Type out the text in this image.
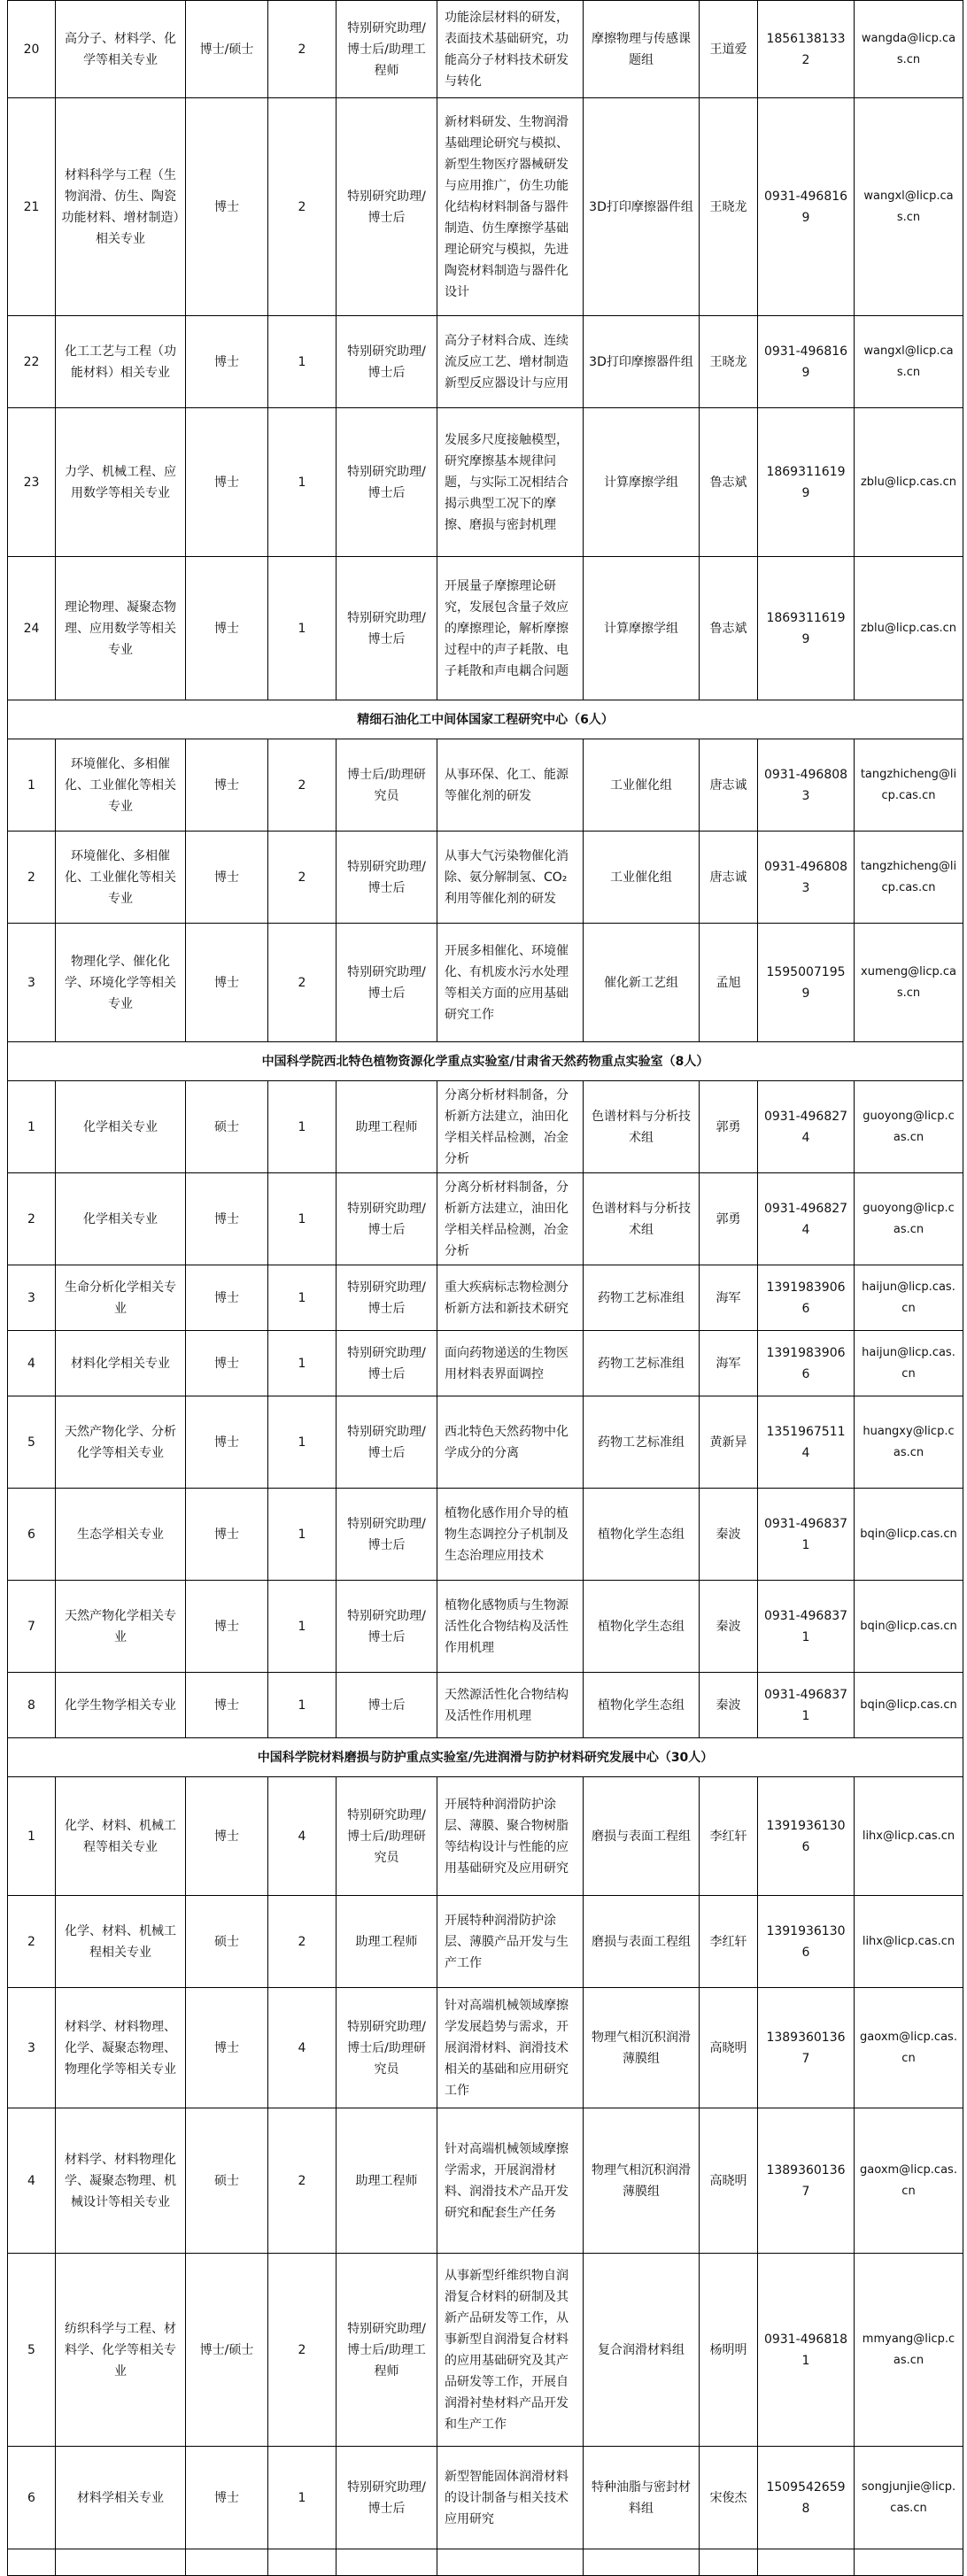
20	高分子、材料学、化学等相关专业	博士/硕士	2	特别研究助理/博士后/助理工程师	功能涂层材料的研发，表面技术基础研究，功能高分子材料技术研发与转化	摩擦物理与传感课题组	王道爱	18561381332	wangda@licp.cas.cn
21	材料科学与工程（生物润滑、仿生、陶瓷功能材料、增材制造）相关专业	博士	2	特别研究助理/博士后	新材料研发、生物润滑基础理论研究与模拟、新型生物医疗器械研发与应用推广，仿生功能化结构材料制备与器件制造、仿生摩擦学基础理论研究与模拟，先进陶瓷材料制造与器件化设计	3D打印摩擦器件组	王晓龙	0931-4968169	wangxl@licp.cas.cn
22	化工工艺与工程（功能材料）相关专业	博士	1	特别研究助理/博士后	高分子材料合成、连续流反应工艺、增材制造新型反应器设计与应用	3D打印摩擦器件组	王晓龙	0931-4968169	wangxl@licp.cas.cn
23	力学、机械工程、应用数学等相关专业	博士	1	特别研究助理/博士后	发展多尺度接触模型，研究摩擦基本规律问题，与实际工况相结合揭示典型工况下的摩擦、磨损与密封机理	计算摩擦学组	鲁志斌	18693116199	zblu@licp.cas.cn
24	理论物理、凝聚态物理、应用数学等相关专业	博士	1	特别研究助理/博士后	开展量子摩擦理论研究，发展包含量子效应的摩擦理论，解析摩擦过程中的声子耗散、电子耗散和声电耦合问题	计算摩擦学组	鲁志斌	18693116199	zblu@licp.cas.cn
精细石油化工中间体国家工程研究中心（6人）									
1	环境催化、多相催化、工业催化等相关专业	博士	2	博士后/助理研究员	从事环保、化工、能源等催化剂的研发	工业催化组	唐志诚	0931-4968083	tangzhicheng@licp.cas.cn
2	环境催化、多相催化、工业催化等相关专业	博士	2	特别研究助理/博士后	从事大气污染物催化消除、氨分解制氢、CO₂利用等催化剂的研发	工业催化组	唐志诚	0931-4968083	tangzhicheng@licp.cas.cn
3	物理化学、催化化学、环境化学等相关专业	博士	2	特别研究助理/博士后	开展多相催化、环境催化、有机废水污水处理等相关方面的应用基础研究工作	催化新工艺组	孟旭	15950071959	xumeng@licp.cas.cn
中国科学院西北特色植物资源化学重点实验室/甘肃省天然药物重点实验室（8人）									
1	化学相关专业	硕士	1	助理工程师	分离分析材料制备，分析新方法建立，油田化学相关样品检测，冶金分析	色谱材料与分析技术组	郭勇	0931-4968274	guoyong@licp.cas.cn
2	化学相关专业	博士	1	特别研究助理/博士后	分离分析材料制备，分析新方法建立，油田化学相关样品检测，冶金分析	色谱材料与分析技术组	郭勇	0931-4968274	guoyong@licp.cas.cn
3	生命分析化学相关专业	博士	1	特别研究助理/博士后	重大疾病标志物检测分析新方法和新技术研究	药物工艺标准组	海军	13919839066	haijun@licp.cas.cn
4	材料化学相关专业	博士	1	特别研究助理/博士后	面向药物递送的生物医用材料表界面调控	药物工艺标准组	海军	13919839066	haijun@licp.cas.cn
5	天然产物化学、分析化学等相关专业	博士	1	特别研究助理/博士后	西北特色天然药物中化学成分的分离	药物工艺标准组	黄新异	13519675114	huangxy@licp.cas.cn
6	生态学相关专业	博士	1	特别研究助理/博士后	植物化感作用介导的植物生态调控分子机制及生态治理应用技术	植物化学生态组	秦波	0931-4968371	bqin@licp.cas.cn
7	天然产物化学相关专业	博士	1	特别研究助理/博士后	植物化感物质与生物源活性化合物结构及活性作用机理	植物化学生态组	秦波	0931-4968371	bqin@licp.cas.cn
8	化学生物学相关专业	博士	1	博士后	天然源活性化合物结构及活性作用机理	植物化学生态组	秦波	0931-4968371	bqin@licp.cas.cn
中国科学院材料磨损与防护重点实验室/先进润滑与防护材料研究发展中心（30人）									
1	化学、材料、机械工程等相关专业	博士	4	特别研究助理/博士后/助理研究员	开展特种润滑防护涂层、薄膜、聚合物树脂等结构设计与性能的应用基础研究及应用研究	磨损与表面工程组	李红轩	13919361306	lihx@licp.cas.cn
2	化学、材料、机械工程相关专业	硕士	2	助理工程师	开展特种润滑防护涂层、薄膜产品开发与生产工作	磨损与表面工程组	李红轩	13919361306	lihx@licp.cas.cn
3	材料学、材料物理、化学、凝聚态物理、物理化学等相关专业	博士	4	特别研究助理/博士后/助理研究员	针对高端机械领域摩擦学发展趋势与需求，开展润滑材料、润滑技术相关的基础和应用研究工作	物理气相沉积润滑薄膜组	高晓明	13893601367	gaoxm@licp.cas.cn
4	材料学、材料物理化学、凝聚态物理、机械设计等相关专业	硕士	2	助理工程师	针对高端机械领域摩擦学需求，开展润滑材料、润滑技术产品开发研究和配套生产任务	物理气相沉积润滑薄膜组	高晓明	13893601367	gaoxm@licp.cas.cn
5	纺织科学与工程、材料学、化学等相关专业	博士/硕士	2	特别研究助理/博士后/助理工程师	从事新型纤维织物自润滑复合材料的研制及其新产品研发等工作，从事新型自润滑复合材料的应用基础研究及其产品研发等工作，开展自润滑衬垫材料产品开发和生产工作	复合润滑材料组	杨明明	0931-4968181	mmyang@licp.cas.cn
6	材料学相关专业	博士	1	特别研究助理/博士后	新型智能固体润滑材料的设计制备与相关技术应用研究	特种油脂与密封材料组	宋俊杰	15095426598	songjunjie@licp.cas.cn
